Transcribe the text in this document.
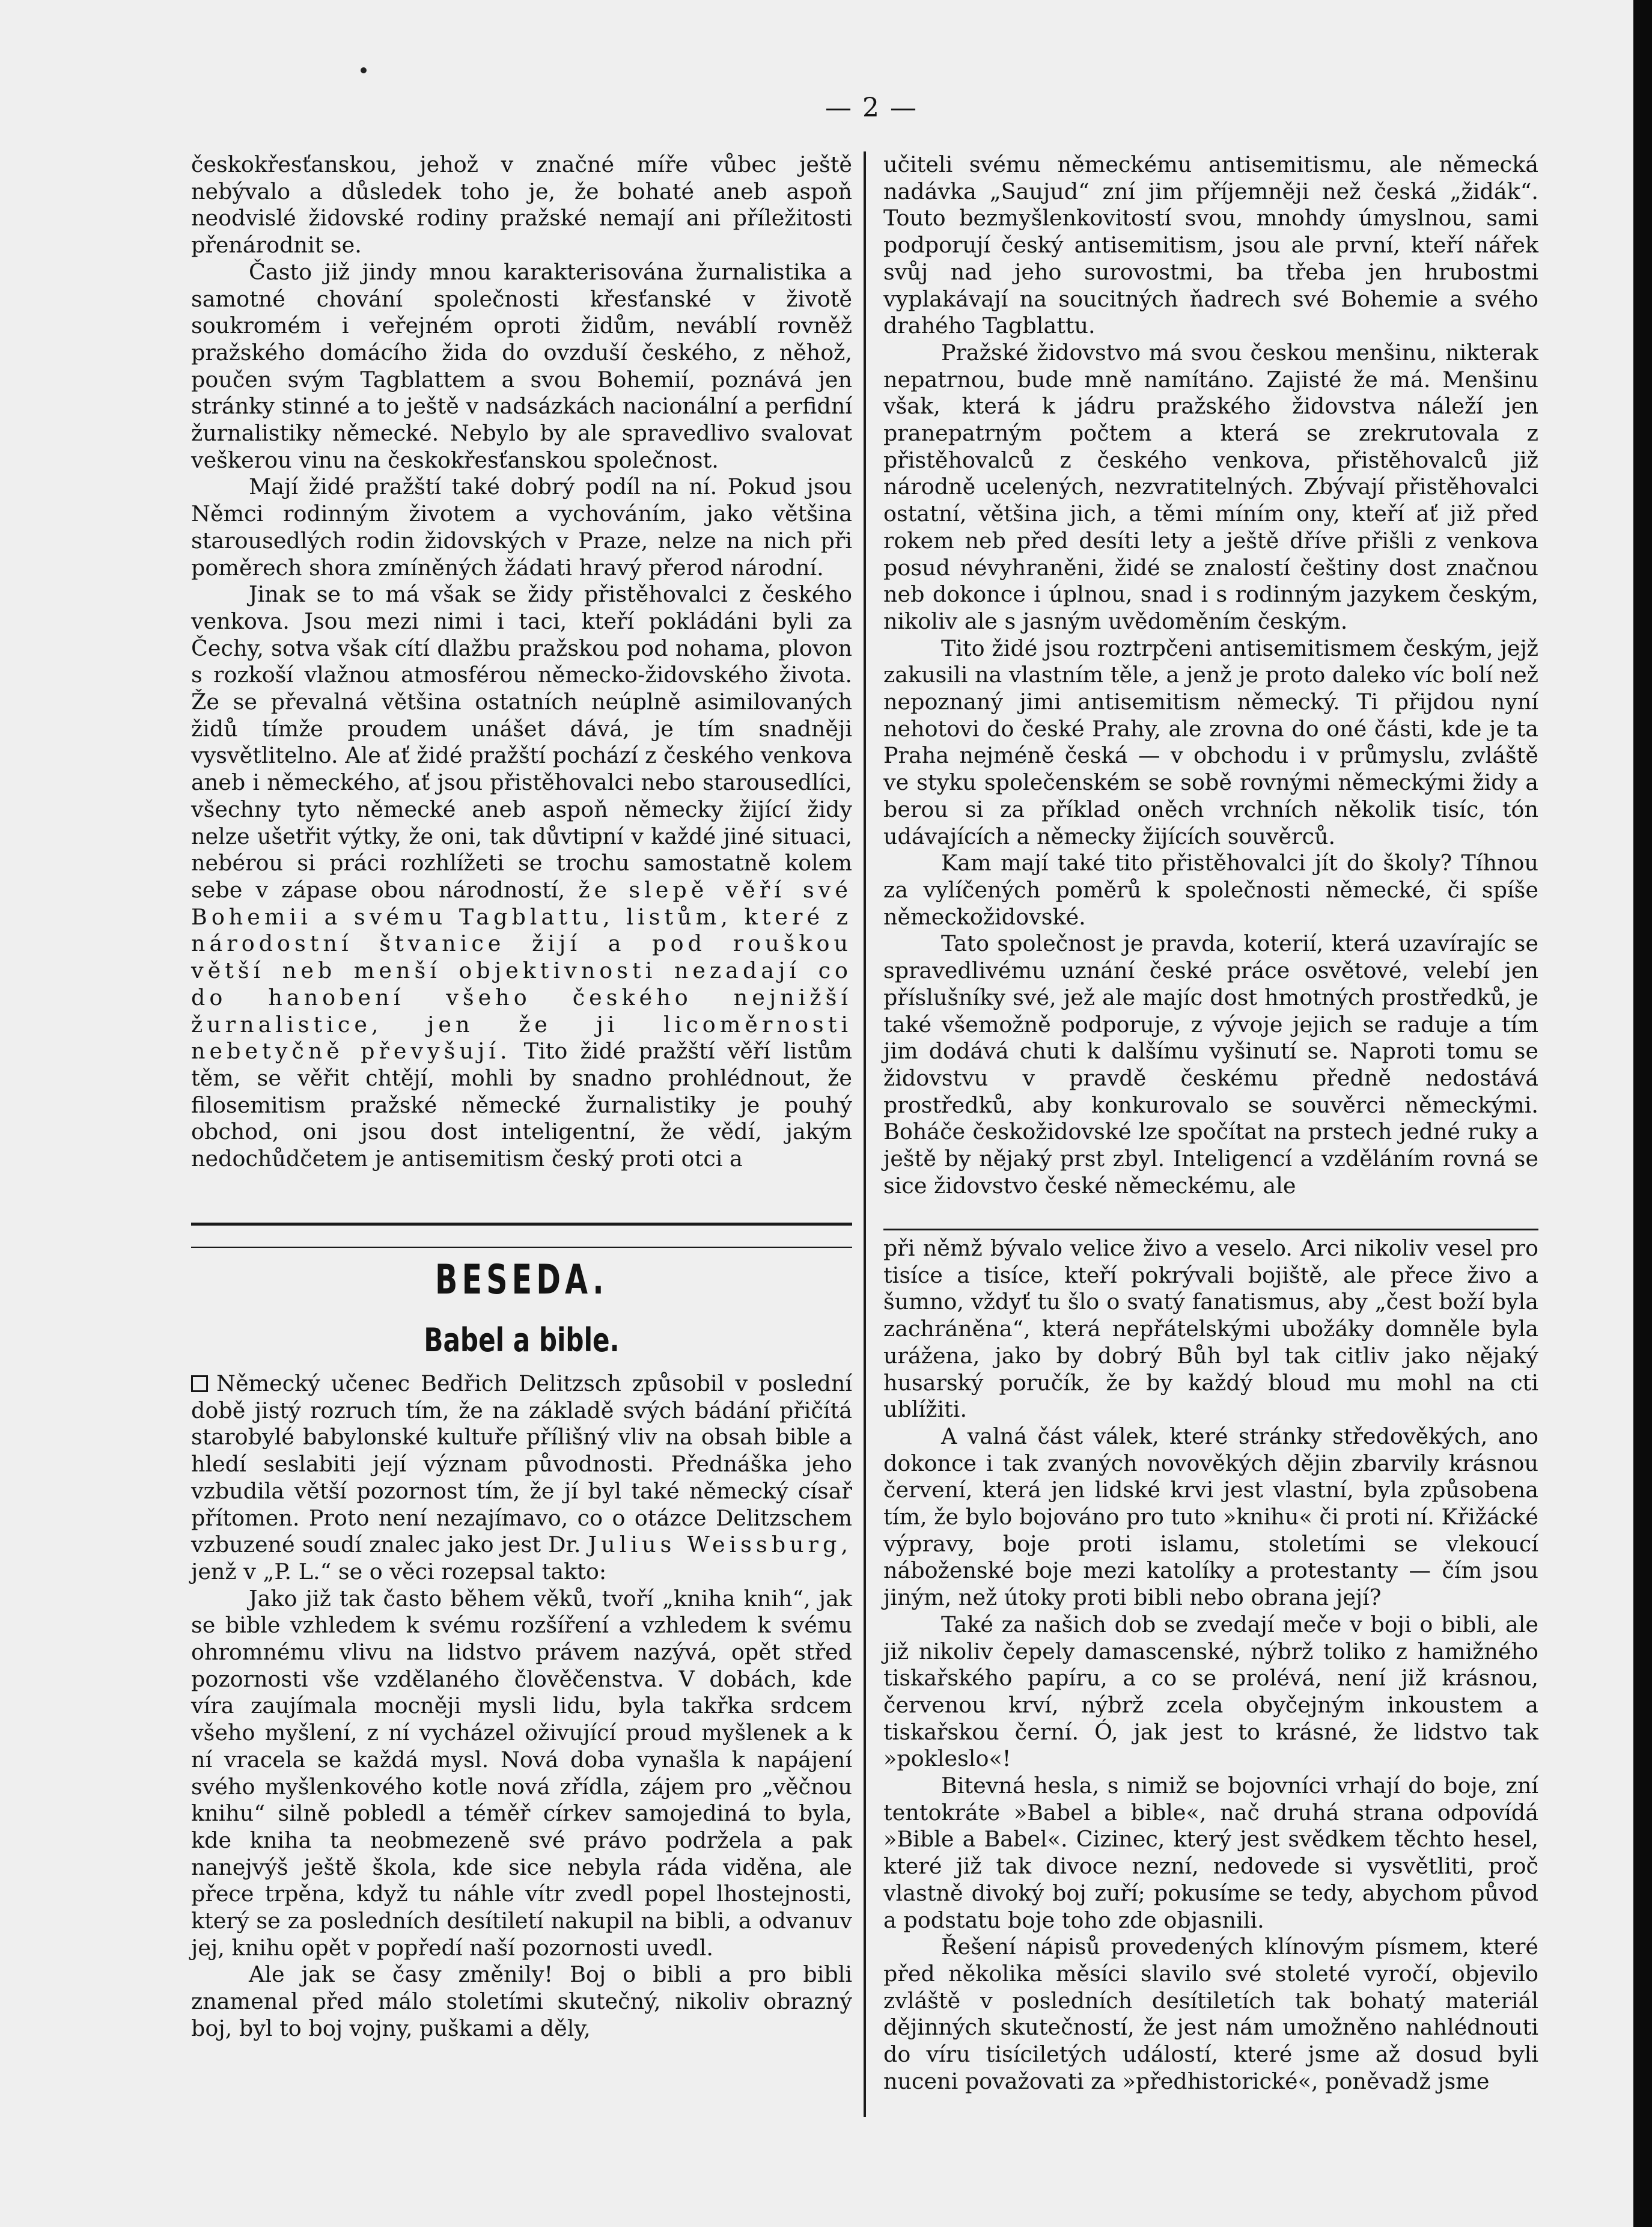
— 2 —

českokřesťanskou, jehož v značné míře vůbec ještě nebývalo a důsledek toho je, že bohaté aneb aspoň neodvislé židovské rodiny pražské nemají ani příležitosti přenárodnit se.

Často již jindy mnou karakterisována žurnalistika a samotné chování společnosti křesťanské v životě soukromém i veřejném oproti židům, neváblí rovněž pražského domácího žida do ovzduší českého, z něhož, poučen svým Tagblattem a svou Bohemií, poznává jen stránky stinné a to ještě v nadsázkách nacionální a perfidní žurnalistiky německé. Nebylo by ale spravedlivo svalovat veškerou vinu na českokřesťanskou společnost.

Mají židé pražští také dobrý podíl na ní. Pokud jsou Němci rodinným životem a vychováním, jako většina starousedlých rodin židovských v Praze, nelze na nich při poměrech shora zmíněných žádati hravý přerod národní.

Jinak se to má však se židy přistěhovalci z českého venkova. Jsou mezi nimi i taci, kteří pokládáni byli za Čechy, sotva však cítí dlažbu pražskou pod nohama, plovon s rozkoší vlažnou atmosférou německo-židovského života. Že se převalná většina ostatních neúplně asimilovaných židů tímže proudem unášet dává, je tím snadněji vysvětlitelno. Ale ať židé pražští pochází z českého venkova aneb i německého, ať jsou přistěhovalci nebo starousedlíci, všechny tyto německé aneb aspoň německy žijící židy nelze ušetřit výtky, že oni, tak důvtipní v každé jiné situaci, nebérou si práci rozhlížeti se trochu samostatně kolem sebe v zápase obou národností, že slepě věří své Bohemii a svému Tagblattu, listům, které z národostní štvanice žijí a pod rouškou větší neb menší objektivnosti nezadají co do hanobení všeho českého nejnižší žurnalistice, jen že ji licoměrnosti nebetyčně převyšují. Tito židé pražští věří listům těm, se věřit chtějí, mohli by snadno prohlédnout, že filosemitism pražské německé žurnalistiky je pouhý obchod, oni jsou dost inteligentní, že vědí, jakým nedochůdčetem je antisemitism český proti otci a

učiteli svému německému antisemitismu, ale německá nadávka „Saujud“ zní jim příjemněji než česká „židák“. Touto bezmyšlenkovitostí svou, mnohdy úmyslnou, sami podporují český antisemitism, jsou ale první, kteří nářek svůj nad jeho surovostmi, ba třeba jen hrubostmi vyplakávají na soucitných ňadrech své Bohemie a svého drahého Tagblattu.

Pražské židovstvo má svou českou menšinu, nikterak nepatrnou, bude mně namítáno. Zajisté že má. Menšinu však, která k jádru pražského židovstva náleží jen pranepatrným počtem a která se zrekrutovala z přistěhovalců z českého venkova, přistěhovalců již národně ucelených, nezvratitelných. Zbývají přistěhovalci ostatní, většina jich, a těmi míním ony, kteří ať již před rokem neb před desíti lety a ještě dříve přišli z venkova posud névyhraněni, židé se znalostí češtiny dost značnou neb dokonce i úplnou, snad i s rodinným jazykem českým, nikoliv ale s jasným uvědoměním českým.

Tito židé jsou roztrpčeni antisemitismem českým, jejž zakusili na vlastním těle, a jenž je proto daleko víc bolí než nepoznaný jimi antisemitism německý. Ti přijdou nyní nehotovi do české Prahy, ale zrovna do oné části, kde je ta Praha nejméně česká — v obchodu i v průmyslu, zvláště ve styku společenském se sobě rovnými německými židy a berou si za příklad oněch vrchních několik tisíc, tón udávajících a německy žijících souvěrců.

Kam mají také tito přistěhovalci jít do školy? Tíhnou za vylíčených poměrů k společnosti německé, či spíše německožidovské.

Tato společnost je pravda, koterií, která uzavírajíc se spravedlivému uznání české práce osvětové, velebí jen příslušníky své, jež ale majíc dost hmotných prostředků, je také všemožně podporuje, z vývoje jejich se raduje a tím jim dodává chuti k dalšímu vyšinutí se. Naproti tomu se židovstvu v pravdě českému předně nedostává prostředků, aby konkurovalo se souvěrci německými. Boháče českožidovské lze spočítat na prstech jedné ruky a ještě by nějaký prst zbyl. Inteligencí a vzděláním rovná se sice židovstvo české německému, ale

BESEDA.
Babel a bible.

Německý učenec Bedřich Delitzsch způsobil v poslední době jistý rozruch tím, že na základě svých bádání přičítá starobylé babylonské kultuře přílišný vliv na obsah bible a hledí seslabiti její význam původnosti. Přednáška jeho vzbudila větší pozornost tím, že jí byl také německý císař přítomen. Proto není nezajímavo, co o otázce Delitzschem vzbuzené soudí znalec jako jest Dr. Julius Weissburg, jenž v „P. L.“ se o věci rozepsal takto:

Jako již tak často během věků, tvoří „kniha knih“, jak se bible vzhledem k svému rozšíření a vzhledem k svému ohromnému vlivu na lidstvo právem nazývá, opět střed pozornosti vše vzdělaného člověčenstva. V dobách, kde víra zaujímala mocněji mysli lidu, byla takřka srdcem všeho myšlení, z ní vycházel oživující proud myšlenek a k ní vracela se každá mysl. Nová doba vynašla k napájení svého myšlenkového kotle nová zřídla, zájem pro „věčnou knihu“ silně pobledl a téměř církev samojediná to byla, kde kniha ta neobmezeně své právo podržela a pak nanejvýš ještě škola, kde sice nebyla ráda viděna, ale přece trpěna, když tu náhle vítr zvedl popel lhostejnosti, který se za posledních desítiletí nakupil na bibli, a odvanuv jej, knihu opět v popředí naší pozornosti uvedl.

Ale jak se časy změnily! Boj o bibli a pro bibli znamenal před málo stoletími skutečný, nikoliv obrazný boj, byl to boj vojny, puškami a děly,

při němž bývalo velice živo a veselo. Arci nikoliv vesel pro tisíce a tisíce, kteří pokrývali bojiště, ale přece živo a šumno, vždyť tu šlo o svatý fanatismus, aby „čest boží byla zachráněna“, která nepřátelskými ubožáky domněle byla urážena, jako by dobrý Bůh byl tak citliv jako nějaký husarský poručík, že by každý bloud mu mohl na cti ublížiti.

A valná část válek, které stránky středověkých, ano dokonce i tak zvaných novověkých dějin zbarvily krásnou červení, která jen lidské krvi jest vlastní, byla způsobena tím, že bylo bojováno pro tuto »knihu« či proti ní. Křižácké výpravy, boje proti islamu, stoletími se vlekoucí náboženské boje mezi katolíky a protestanty — čím jsou jiným, než útoky proti bibli nebo obrana její?

Také za našich dob se zvedají meče v boji o bibli, ale již nikoliv čepely damascenské, nýbrž toliko z hamižného tiskařského papíru, a co se prolévá, není již krásnou, červenou krví, nýbrž zcela obyčejným inkoustem a tiskařskou černí. Ó, jak jest to krásné, že lidstvo tak »pokleslo«!

Bitevná hesla, s nimiž se bojovníci vrhají do boje, zní tentokráte »Babel a bible«, nač druhá strana odpovídá »Bible a Babel«. Cizinec, který jest svědkem těchto hesel, které již tak divoce nezní, nedovede si vysvětliti, proč vlastně divoký boj zuří; pokusíme se tedy, abychom původ a podstatu boje toho zde objasnili.

Řešení nápisů provedených klínovým písmem, které před několika měsíci slavilo své stoleté vyročí, objevilo zvláště v posledních desítiletích tak bohatý materiál dějinných skutečností, že jest nám umožněno nahlédnouti do víru tisíciletých událostí, které jsme až dosud byli nuceni považovati za »předhistorické«, poněvadž jsme
